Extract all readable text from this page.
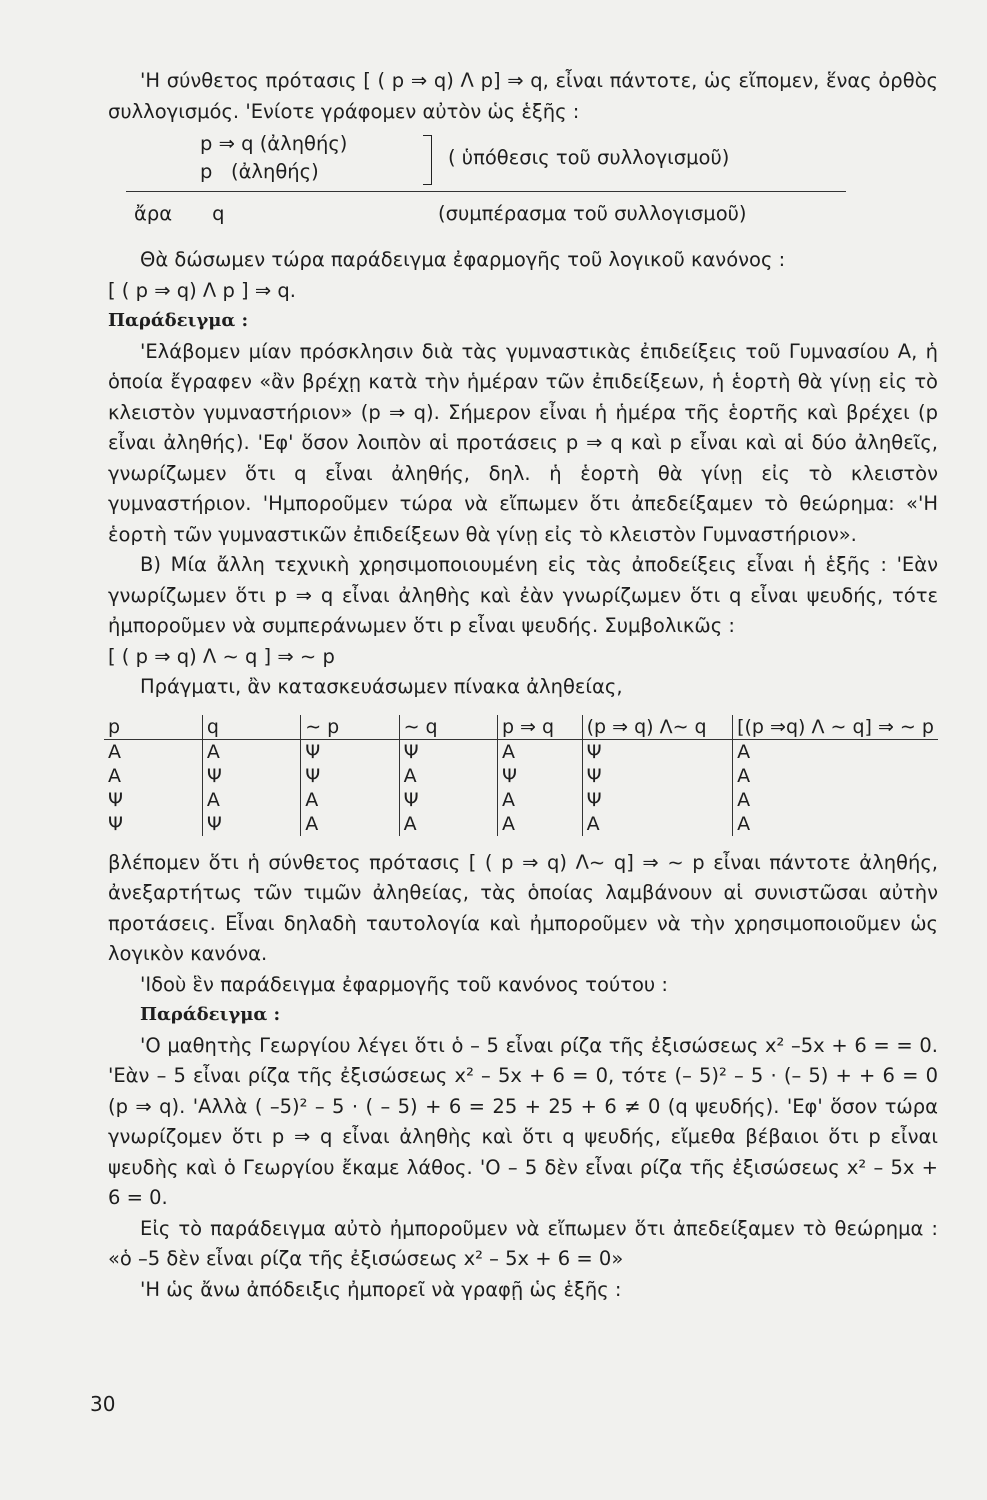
'Η σύνθετος πρότασις [ ( p ⇒ q) Λ p] ⇒ q, εἶναι πάντοτε, ὡς εἴπομεν, ἕνας ὀρθὸς συλλογισμός. 'Ενίοτε γράφομεν αὐτὸν ὡς ἑξῆς :

p ⇒ q (ἀληθής)
p   (ἀληθής)
( ὑπόθεσις τοῦ συλλογισμοῦ)
ἄρα q	(συμπέρασμα τοῦ συλλογισμοῦ)

Θὰ δώσωμεν τώρα παράδειγμα ἐφαρμογῆς τοῦ λογικοῦ κανόνος :

[ ( p ⇒ q) Λ p ] ⇒ q.

Παράδειγμα :

'Ελάβομεν μίαν πρόσκλησιν διὰ τὰς γυμναστικὰς ἐπιδείξεις τοῦ Γυμνασίου Α, ἡ ὁποία ἔγραφεν «ἂν βρέχῃ κατὰ τὴν ἡμέραν τῶν ἐπιδείξεων, ἡ ἑορτὴ θὰ γίνῃ εἰς τὸ κλειστὸν γυμναστήριον» (p ⇒ q). Σήμερον εἶναι ἡ ἡμέρα τῆς ἑορτῆς καὶ βρέχει (p εἶναι ἀληθής). 'Εφ' ὅσον λοιπὸν αἱ προτάσεις p ⇒ q καὶ p εἶναι καὶ αἱ δύο ἀληθεῖς, γνωρίζωμεν ὅτι q εἶναι ἀληθής, δηλ. ἡ ἑορτὴ θὰ γίνῃ εἰς τὸ κλειστὸν γυμναστήριον. 'Ημποροῦμεν τώρα νὰ εἴπωμεν ὅτι ἀπεδείξαμεν τὸ θεώρημα: «'Η ἑορτὴ τῶν γυμναστικῶν ἐπιδείξεων θὰ γίνῃ εἰς τὸ κλειστὸν Γυμναστήριον».

B) Μία ἄλλη τεχνικὴ χρησιμοποιουμένη εἰς τὰς ἀποδείξεις εἶναι ἡ ἑξῆς : 'Εὰν γνωρίζωμεν ὅτι p ⇒ q εἶναι ἀληθὴς καὶ ἐὰν γνωρίζωμεν ὅτι q εἶναι ψευδής, τότε ἠμποροῦμεν νὰ συμπεράνωμεν ὅτι p εἶναι ψευδής. Συμβολικῶς :

[ ( p ⇒ q) Λ ∼ q ] ⇒ ∼ p

Πράγματι, ἂν κατασκευάσωμεν πίνακα ἀληθείας,

p	q	∼ p	∼ q	p ⇒ q	(p ⇒ q) Λ∼ q	[(p ⇒q) Λ ∼ q] ⇒ ∼ p
A	A	Ψ	Ψ	A	Ψ	A
A	Ψ	Ψ	A	Ψ	Ψ	A
Ψ	A	A	Ψ	A	Ψ	A
Ψ	Ψ	A	A	A	A	A

βλέπομεν ὅτι ἡ σύνθετος πρότασις [ ( p ⇒ q) Λ∼ q] ⇒ ∼ p εἶναι πάντοτε ἀληθής, ἀνεξαρτήτως τῶν τιμῶν ἀληθείας, τὰς ὁποίας λαμβάνουν αἱ συνιστῶσαι αὐτὴν προτάσεις. Εἶναι δηλαδὴ ταυτολογία καὶ ἠμποροῦμεν νὰ τὴν χρησιμοποιοῦμεν ὡς λογικὸν κανόνα.

'Ιδοὺ ἓν παράδειγμα ἐφαρμογῆς τοῦ κανόνος τούτου :

Παράδειγμα :

'Ο μαθητὴς Γεωργίου λέγει ὅτι ὁ – 5 εἶναι ρίζα τῆς ἐξισώσεως x² –5x + 6 = = 0. 'Εὰν – 5 εἶναι ρίζα τῆς ἐξισώσεως x² – 5x + 6 = 0, τότε (– 5)² – 5 · (– 5) + + 6 = 0 (p ⇒ q). 'Αλλὰ ( –5)² – 5 · ( – 5) + 6 = 25 + 25 + 6 ≠ 0 (q ψευδής). 'Εφ' ὅσον τώρα γνωρίζομεν ὅτι p ⇒ q εἶναι ἀληθὴς καὶ ὅτι q ψευδής, εἴμεθα βέβαιοι ὅτι p εἶναι ψευδὴς καὶ ὁ Γεωργίου ἔκαμε λάθος. 'Ο – 5 δὲν εἶναι ρίζα τῆς ἐξισώσεως x² – 5x + 6 = 0.

Εἰς τὸ παράδειγμα αὐτὸ ἠμποροῦμεν νὰ εἴπωμεν ὅτι ἀπεδείξαμεν τὸ θεώρημα : «ὁ –5 δὲν εἶναι ρίζα τῆς ἐξισώσεως x² – 5x + 6 = 0»

'Η ὡς ἄνω ἀπόδειξις ἠμπορεῖ νὰ γραφῇ ὡς ἑξῆς :

30
